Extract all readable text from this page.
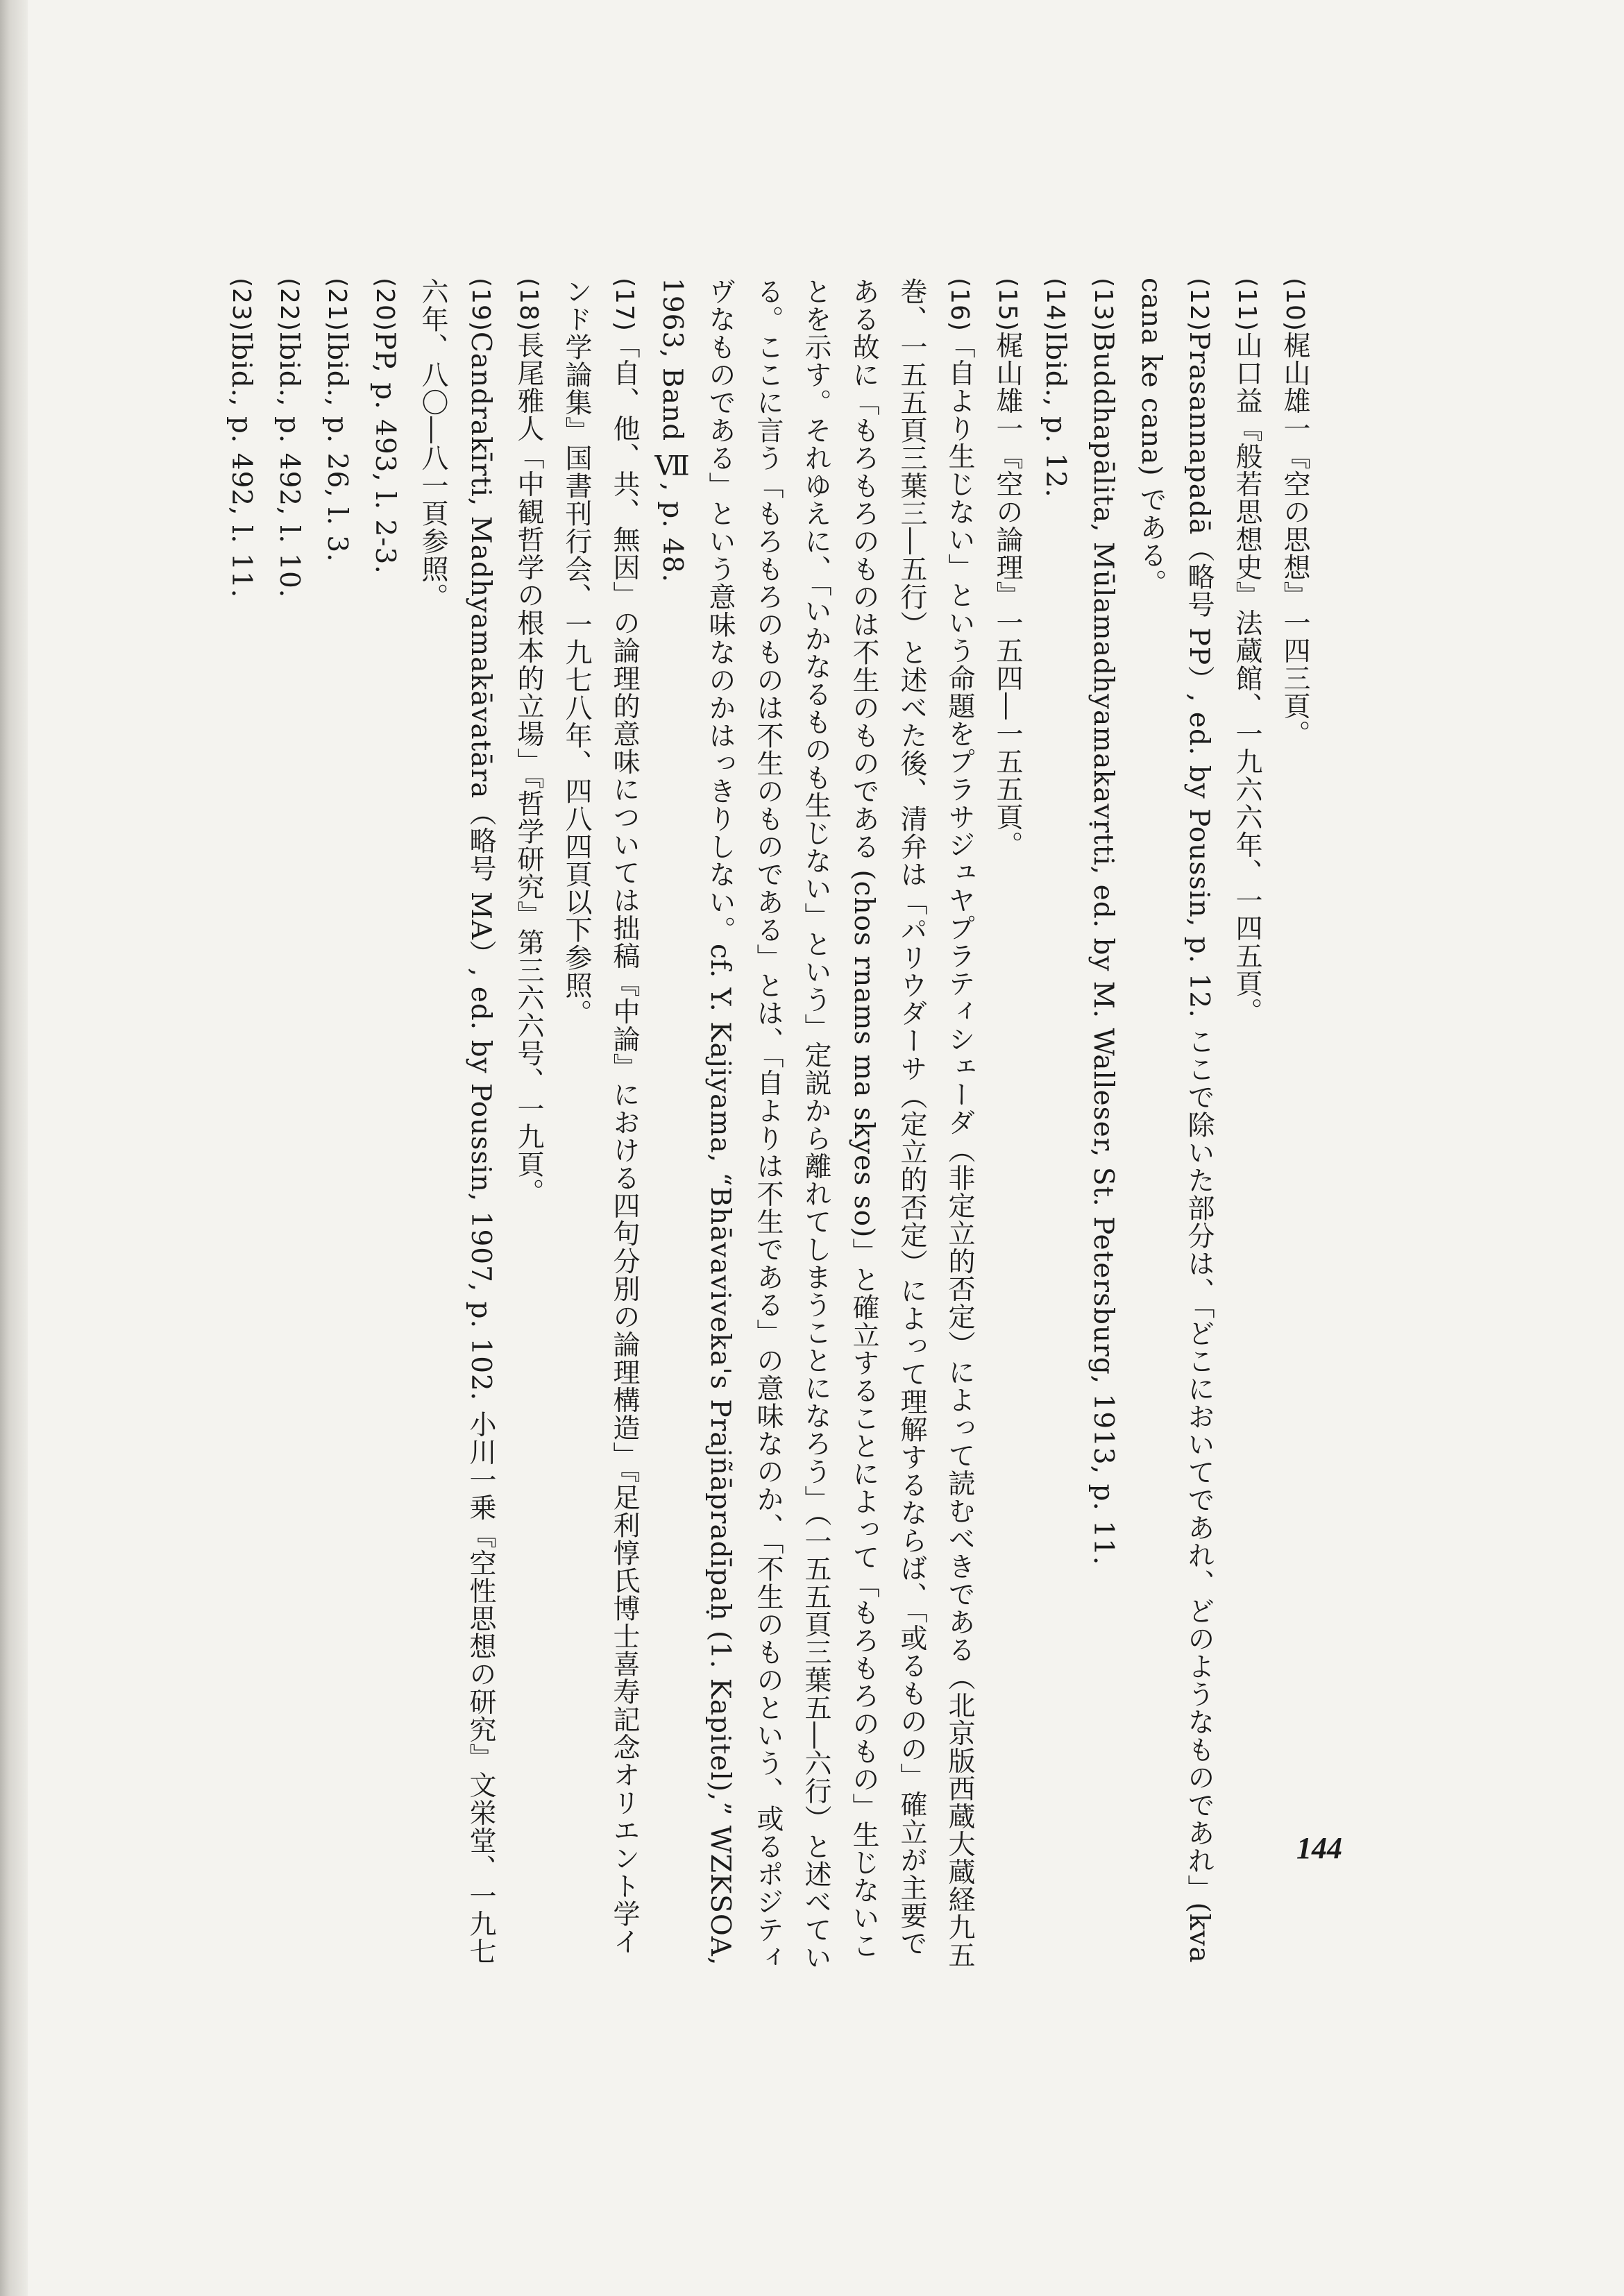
(10)梶山雄一『空の思想』一四三頁。

(11)山口益『般若思想史』法蔵館、一九六六年、一四五頁。

(12)Prasannapadā（略号 PP）, ed. by Poussin, p. 12. ここで除いた部分は、「どこにおいてであれ、どのようなものであれ」(kva cana ke cana) である。

(13)Buddhapālita, Mūlamadhyamakavṛtti, ed. by M. Walleser, St. Petersburg, 1913, p. 11.

(14)Ibid., p. 12.

(15)梶山雄一『空の論理』一五四―一五五頁。

(16)「自より生じない」という命題をプラサジュヤプラティシェーダ（非定立的否定）によって読むべきである（北京版西蔵大蔵経九五巻、一五五頁三葉三―五行）と述べた後、清弁は「パリウダーサ（定立的否定）によって理解するならば、「或るものの」確立が主要である故に「もろもろのものは不生のものである (chos rnams ma skyes so)」と確立することによって「もろもろのもの」生じないことを示す。それゆえに、「いかなるものも生じない」という」定説から離れてしまうことになろう」（一五五頁三葉五―六行）と述べている。ここに言う「もろもろのものは不生のものである」とは、「自よりは不生である」の意味なのか、「不生のものという、或るポジティヴなものである」という意味なのかはっきりしない。cf. Y. Kajiyama, “Bhāvaviveka's Prajñāpradīpaḥ (1. Kapitel),” WZKSOA, 1963, Band Ⅶ, p. 48.

(17)「自、他、共、無因」の論理的意味については拙稿『中論』における四句分別の論理構造」『足利惇氏博士喜寿記念オリエント学インド学論集』国書刊行会、一九七八年、四八四頁以下参照。

(18)長尾雅人「中観哲学の根本的立場」『哲学研究』第三六六号、一九頁。

(19)Candrakīrti, Madhyamakāvatāra（略号 MA）, ed. by Poussin, 1907, p. 102. 小川一乗『空性思想の研究』文栄堂、一九七六年、八〇―八一頁参照。

(20)PP, p. 493, l. 2-3.

(21)Ibid., p. 26, l. 3.

(22)Ibid., p. 492, l. 10.

(23)Ibid., p. 492, l. 11.

144
